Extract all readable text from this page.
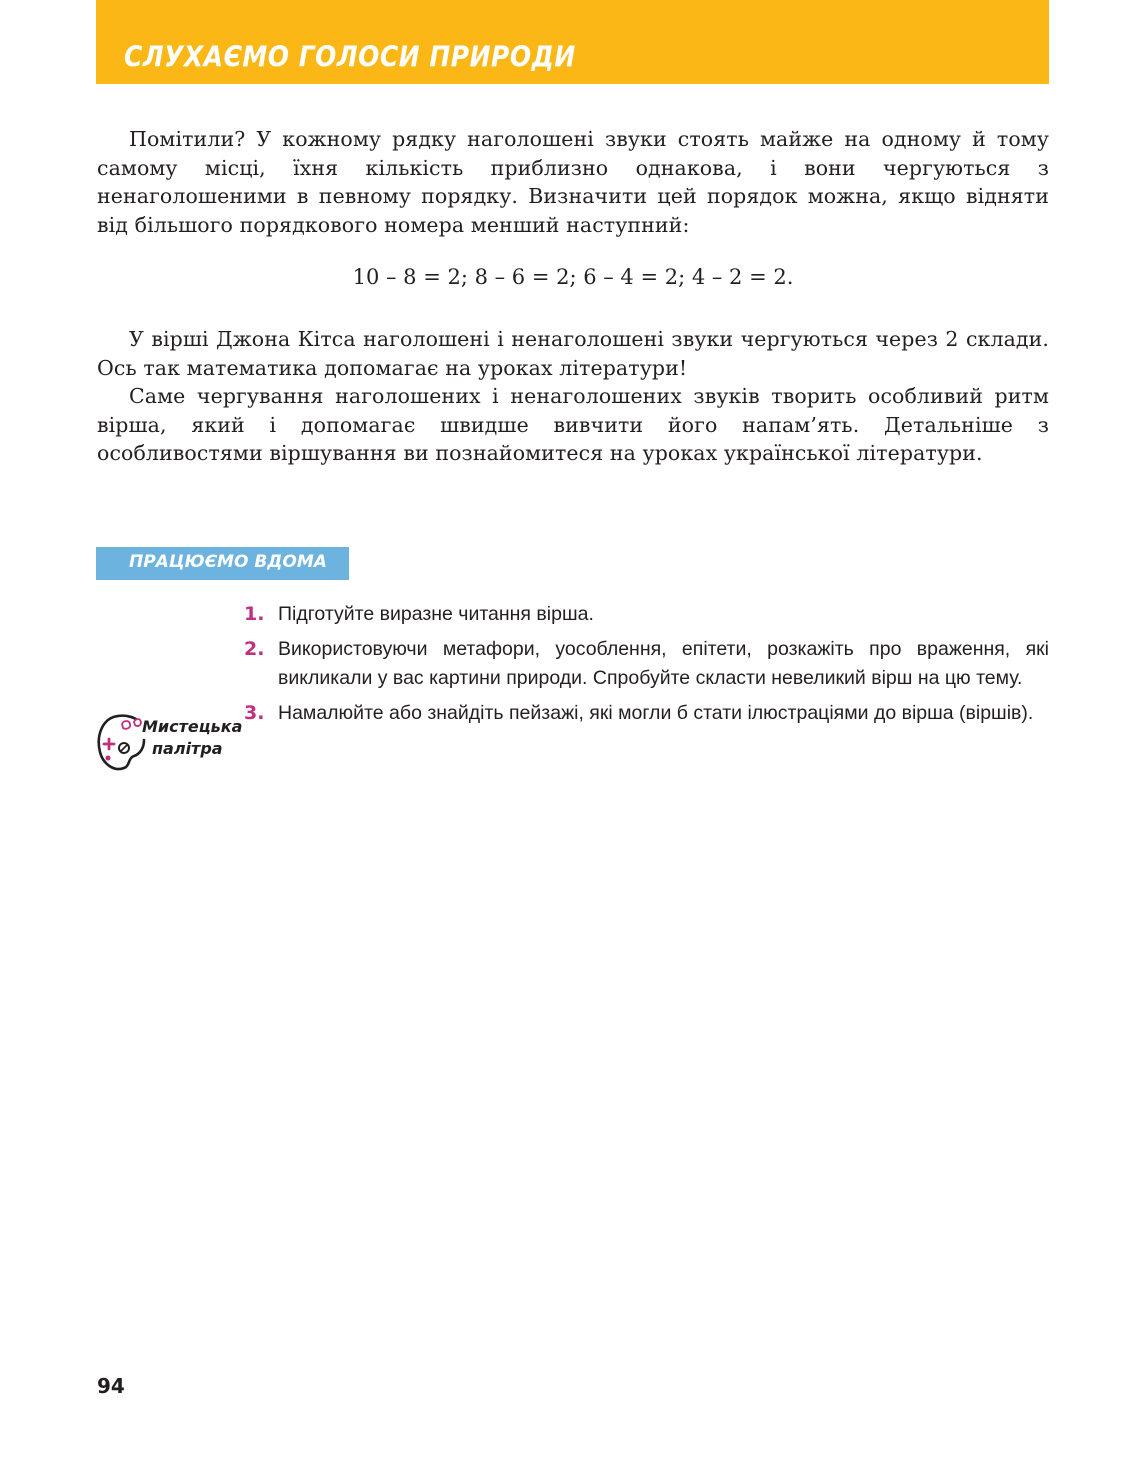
СЛУХАЄМО ГОЛОСИ ПРИРОДИ

Помітили? У кожному рядку наголошені звуки стоять майже на одному й тому самому місці, їхня кількість приблизно однакова, і вони чергуються з ненаголошеними в певному порядку. Визначити цей порядок можна, якщо відняти від більшого порядкового номера менший наступний:

10 – 8 = 2; 8 – 6 = 2; 6 – 4 = 2; 4 – 2 = 2.

У вірші Джона Кітса наголошені і ненаголошені звуки чергуються через 2 склади. Ось так математика допомагає на уроках літератури!

Саме чергування наголошених і ненаголошених звуків творить особливий ритм вірша, який і допомагає швидше вивчити його напам’ять. Детальніше з особливостями віршування ви познайомитеся на уроках української літератури.

ПРАЦЮЄМО ВДОМА
Мистецька
палітра
1. Підготуйте виразне читання вірша.
2. Використовуючи метафори, уособлення, епітети, розкажіть про враження, які викликали у вас картини природи. Спробуйте скласти невеликий вірш на цю тему.
3. Намалюйте або знайдіть пейзажі, які могли б стати ілюстраціями до віршa (віршів).
94
